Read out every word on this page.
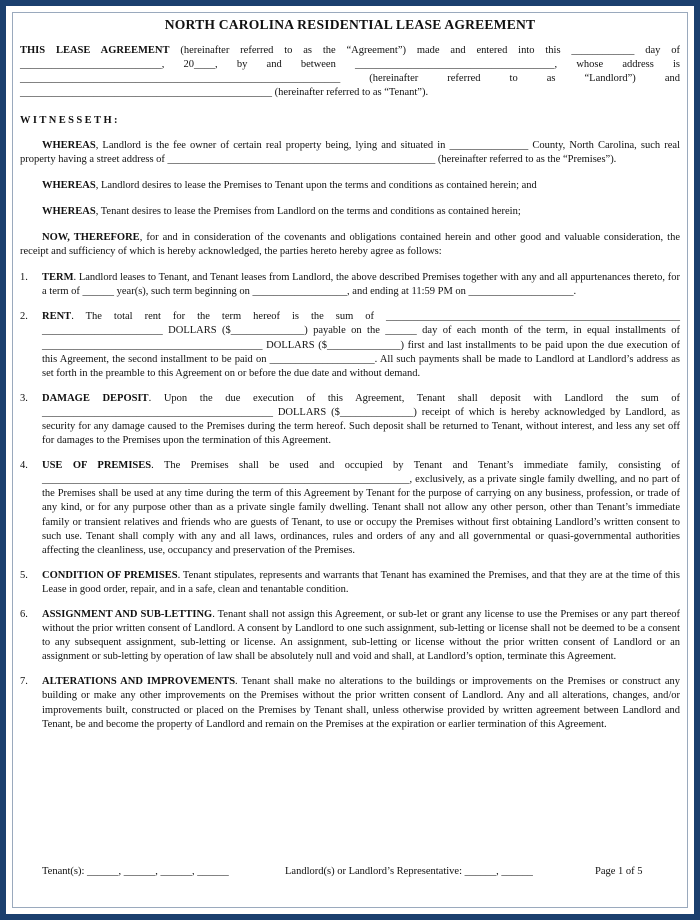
NORTH CAROLINA RESIDENTIAL LEASE AGREEMENT

THIS LEASE AGREEMENT (hereinafter referred to as the “Agreement”) made and entered into this ____________ day of ___________________________, 20____, by and between ______________________________________, whose address is _____________________________________________________________ (hereinafter referred to as “Landlord”) and ________________________________________________ (hereinafter referred to as “Tenant”).

WITNESSETH:

WHEREAS, Landlord is the fee owner of certain real property being, lying and situated in _______________ County, North Carolina, such real property having a street address of ___________________________________________________ (hereinafter referred to as the “Premises”).

WHEREAS, Landlord desires to lease the Premises to Tenant upon the terms and conditions as contained herein; and

WHEREAS, Tenant desires to lease the Premises from Landlord on the terms and conditions as contained herein;

NOW, THEREFORE, for and in consideration of the covenants and obligations contained herein and other good and valuable consideration, the receipt and sufficiency of which is hereby acknowledged, the parties hereto hereby agree as follows:

1.	TERM. Landlord leases to Tenant, and Tenant leases from Landlord, the above described Premises together with any and all appurtenances thereto, for a term of ______ year(s), such term beginning on __________________, and ending at 11:59 PM on ____________________.
2.	RENT. The total rent for the term hereof is the sum of ________________________________________________________ _______________________ DOLLARS ($______________) payable on the ______ day of each month of the term, in equal installments of __________________________________________ DOLLARS ($______________) first and last installments to be paid upon the due execution of this Agreement, the second installment to be paid on ____________________. All such payments shall be made to Landlord at Landlord’s address as set forth in the preamble to this Agreement on or before the due date and without demand.
3.	DAMAGE DEPOSIT. Upon the due execution of this Agreement, Tenant shall deposit with Landlord the sum of ____________________________________________ DOLLARS ($______________) receipt of which is hereby acknowledged by Landlord, as security for any damage caused to the Premises during the term hereof. Such deposit shall be returned to Tenant, without interest, and less any set off for damages to the Premises upon the termination of this Agreement.
4.	USE OF PREMISES. The Premises shall be used and occupied by Tenant and Tenant’s immediate family, consisting of ______________________________________________________________________, exclusively, as a private single family dwelling, and no part of the Premises shall be used at any time during the term of this Agreement by Tenant for the purpose of carrying on any business, profession, or trade of any kind, or for any purpose other than as a private single family dwelling. Tenant shall not allow any other person, other than Tenant’s immediate family or transient relatives and friends who are guests of Tenant, to use or occupy the Premises without first obtaining Landlord’s written consent to such use. Tenant shall comply with any and all laws, ordinances, rules and orders of any and all governmental or quasi-governmental authorities affecting the cleanliness, use, occupancy and preservation of the Premises.
5.	CONDITION OF PREMISES. Tenant stipulates, represents and warrants that Tenant has examined the Premises, and that they are at the time of this Lease in good order, repair, and in a safe, clean and tenantable condition.
6.	ASSIGNMENT AND SUB-LETTING. Tenant shall not assign this Agreement, or sub-let or grant any license to use the Premises or any part thereof without the prior written consent of Landlord. A consent by Landlord to one such assignment, sub-letting or license shall not be deemed to be a consent to any subsequent assignment, sub-letting or license. An assignment, sub-letting or license without the prior written consent of Landlord or an assignment or sub-letting by operation of law shall be absolutely null and void and shall, at Landlord’s option, terminate this Agreement.
7.	ALTERATIONS AND IMPROVEMENTS. Tenant shall make no alterations to the buildings or improvements on the Premises or construct any building or make any other improvements on the Premises without the prior written consent of Landlord. Any and all alterations, changes, and/or improvements built, constructed or placed on the Premises by Tenant shall, unless otherwise provided by written agreement between Landlord and Tenant, be and become the property of Landlord and remain on the Premises at the expiration or earlier termination of this Agreement.
Tenant(s): ______, ______, ______, ______	Landlord(s) or Landlord’s Representative: ______, ______	Page 1 of 5
